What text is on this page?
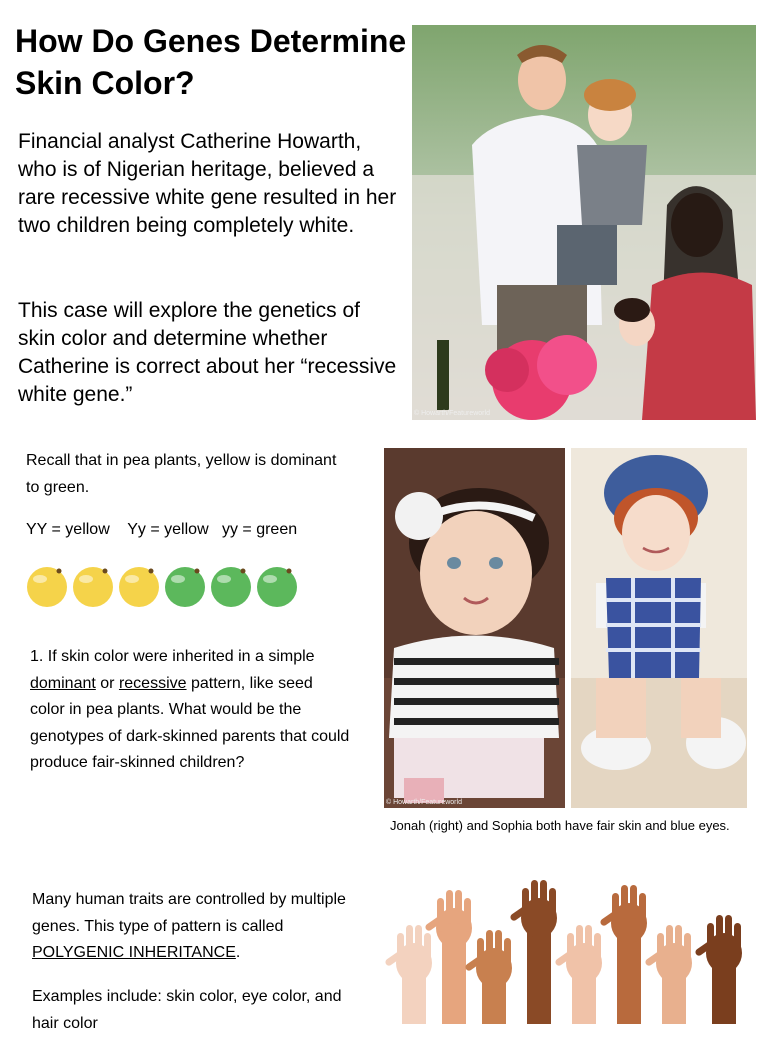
How Do Genes Determine Skin Color?
Financial analyst Catherine Howarth, who is of Nigerian heritage, believed a rare recessive white gene resulted in her two children being completely white.
This case will explore the genetics of skin color and determine whether Catherine is correct about her “recessive white gene.”
© Howarth/Featureworld
Recall that in pea plants, yellow is dominant to green.
YY = yellow Yy = yellow yy = green
1. If skin color were inherited in a simple dominant or recessive pattern, like seed color in pea plants. What would be the genotypes of dark-skinned parents that could produce fair-skinned children?
© Howarth/Featureworld
Jonah (right) and Sophia both have fair skin and blue eyes.
Many human traits are controlled by multiple genes. This type of pattern is called POLYGENIC INHERITANCE.
Examples include: skin color, eye color, and hair color
